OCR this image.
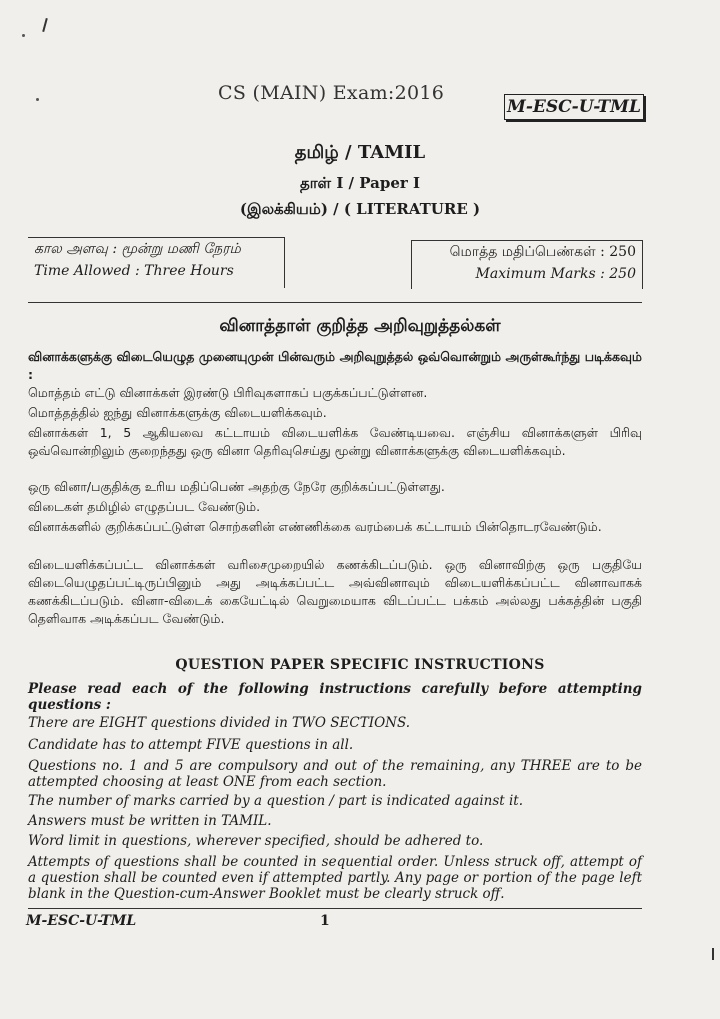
CS (MAIN) Exam:2016
M-ESC-U-TML
தமிழ் / TAMIL
தாள் I / Paper I
(இலக்கியம்) / ( LITERATURE )
கால அளவு : மூன்று மணி நேரம்
Time Allowed : Three Hours
மொத்த மதிப்பெண்கள் : 250
Maximum Marks : 250
வினாத்தாள் குறித்த அறிவுறுத்தல்கள்
வினாக்களுக்கு விடையெழுத முனையுமுன் பின்வரும் அறிவுறுத்தல் ஒவ்வொன்றும் அருள்கூர்ந்து படிக்கவும் :
மொத்தம் எட்டு வினாக்கள் இரண்டு பிரிவுகளாகப் பகுக்கப்பட்டுள்ளன.
மொத்தத்தில் ஐந்து வினாக்களுக்கு விடையளிக்கவும்.
வினாக்கள் 1, 5 ஆகியவை கட்டாயம் விடையளிக்க வேண்டியவை. எஞ்சிய வினாக்களுள் பிரிவு ஒவ்வொன்றிலும் குறைந்தது ஒரு வினா தெரிவுசெய்து மூன்று வினாக்களுக்கு விடையளிக்கவும்.
ஒரு வினா/பகுதிக்கு உரிய மதிப்பெண் அதற்கு நேரே குறிக்கப்பட்டுள்ளது.
விடைகள் தமிழில் எழுதப்பட வேண்டும்.
வினாக்களில் குறிக்கப்பட்டுள்ள சொற்களின் எண்ணிக்கை வரம்பைக் கட்டாயம் பின்தொடரவேண்டும்.
விடையளிக்கப்பட்ட வினாக்கள் வரிசைமுறையில் கணக்கிடப்படும். ஒரு வினாவிற்கு ஒரு பகுதியே விடையெழுதப்பட்டிருப்பினும் அது அடிக்கப்பட்ட அவ்வினாவும் விடையளிக்கப்பட்ட வினாவாகக் கணக்கிடப்படும். வினா-விடைக் கையேட்டில் வெறுமையாக விடப்பட்ட பக்கம் அல்லது பக்கத்தின் பகுதி தெளிவாக அடிக்கப்பட வேண்டும்.
QUESTION PAPER SPECIFIC INSTRUCTIONS
Please read each of the following instructions carefully before attempting questions :
There are EIGHT questions divided in TWO SECTIONS.
Candidate has to attempt FIVE questions in all.
Questions no. 1 and 5 are compulsory and out of the remaining, any THREE are to be attempted choosing at least ONE from each section.
The number of marks carried by a question / part is indicated against it.
Answers must be written in TAMIL.
Word limit in questions, wherever specified, should be adhered to.
Attempts of questions shall be counted in sequential order. Unless struck off, attempt of a question shall be counted even if attempted partly. Any page or portion of the page left blank in the Question-cum-Answer Booklet must be clearly struck off.
M-ESC-U-TML	1
